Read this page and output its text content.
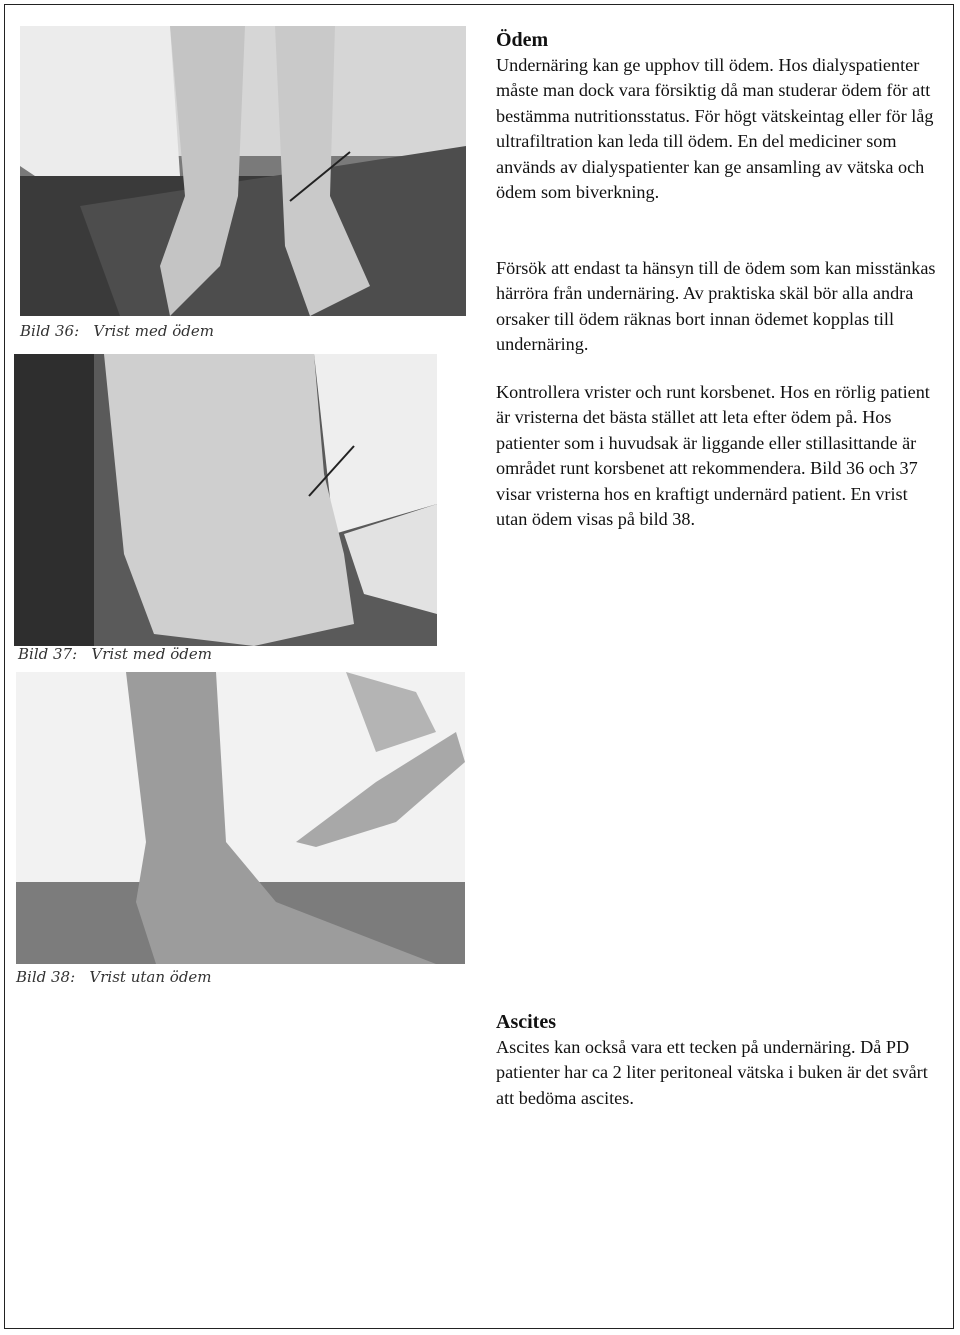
Bild 36:   Vrist med ödem
Bild 37:   Vrist med ödem
Bild 38:   Vrist utan ödem
Ödem

Undernäring kan ge upphov till ödem. Hos dialyspatienter måste man dock vara försiktig då man studerar ödem för att bestämma nutritionsstatus. För högt vätskeintag eller för låg ultrafiltration kan leda till ödem. En del mediciner som används av dialyspatienter kan ge ansamling av vätska och ödem som biverkning.

Försök att endast ta hänsyn till de ödem som kan misstänkas härröra från undernäring. Av praktiska skäl bör alla andra orsaker till ödem räknas bort innan ödemet kopplas till undernäring.

Kontrollera vrister och runt korsbenet. Hos en rörlig patient är vristerna det bästa stället att leta efter ödem på. Hos patienter som i huvudsak är liggande eller stillasittande är området runt korsbenet att rekommendera. Bild 36 och 37 visar vristerna hos en kraftigt undernärd patient. En vrist utan ödem visas på bild 38.

Ascites

Ascites kan också vara ett tecken på undernäring. Då PD patienter har ca 2 liter peritoneal vätska i buken är det svårt att bedöma ascites.
